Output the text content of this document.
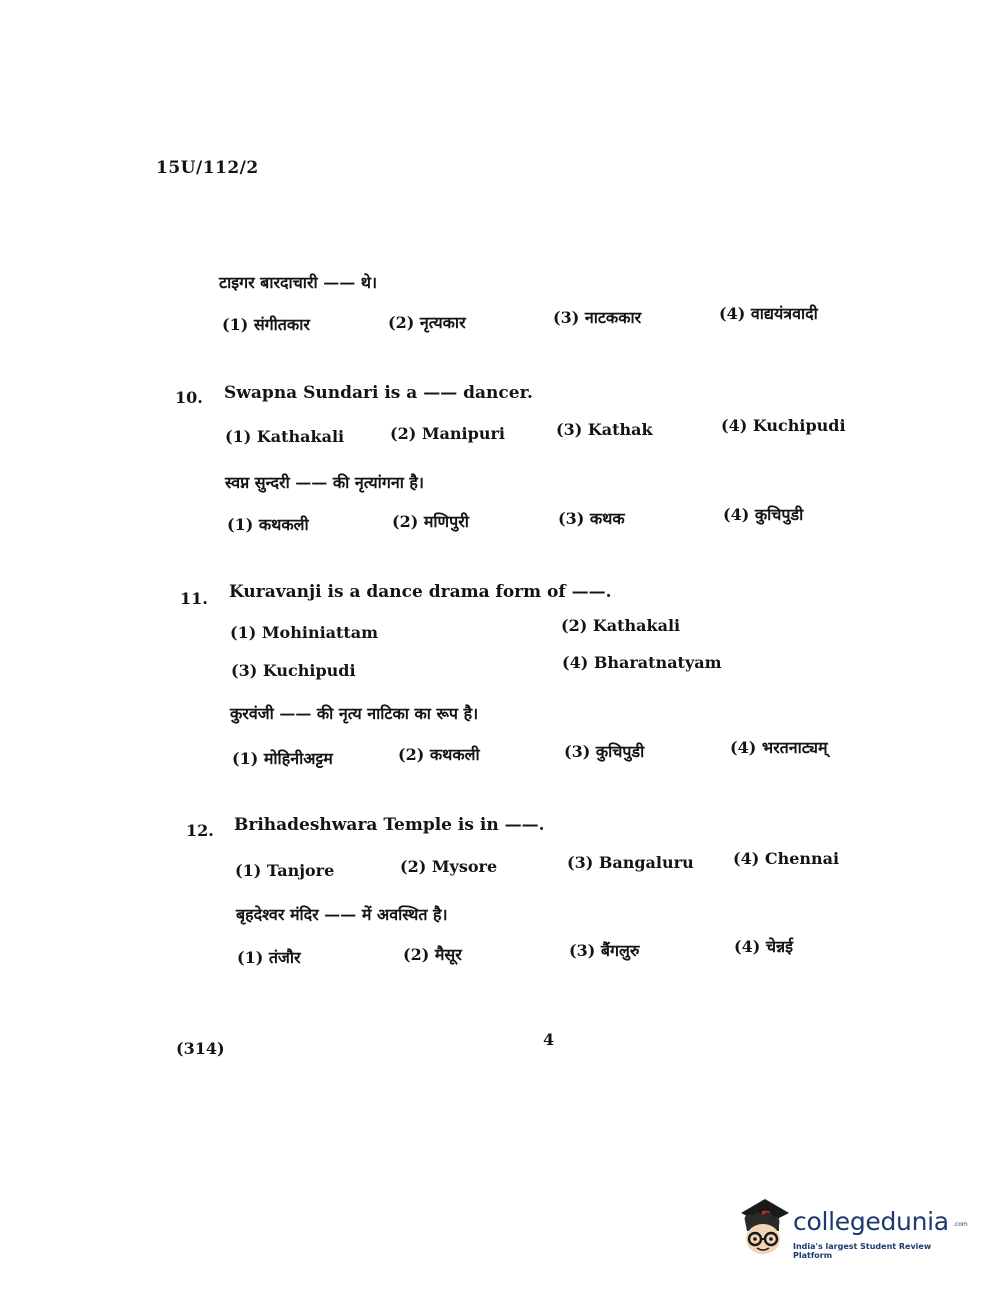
15U/112/2
टाइगर बारदाचारी —— थे।
(1) संगीतकार	(2) नृत्यकार	(3) नाटककार	(4) वाद्ययंत्रवादी
10. Swapna Sundari is a —— dancer.
(1) Kathakali	(2) Manipuri	(3) Kathak	(4) Kuchipudi
स्वप्न सुन्दरी —— की नृत्यांगना है।
(1) कथकली	(2) मणिपुरी	(3) कथक	(4) कुचिपुडी
11. Kuravanji is a dance drama form of ——.
(1) Mohiniattam	(2) Kathakali
(3) Kuchipudi	(4) Bharatnatyam
कुरवंजी —— की नृत्य नाटिका का रूप है।
(1) मोहिनीअट्टम	(2) कथकली	(3) कुचिपुडी	(4) भरतनाट्यम्
12. Brihadeshwara Temple is in ——.
(1) Tanjore	(2) Mysore	(3) Bangaluru (4) Chennai
बृहदेश्वर मंदिर —— में अवस्थित है।
(1) तंजौर	(2) मैसूर	(3) बैंगलुरु	(4) चेन्नई
(314)	4
collegedunia .com
India's largest Student Review Platform
